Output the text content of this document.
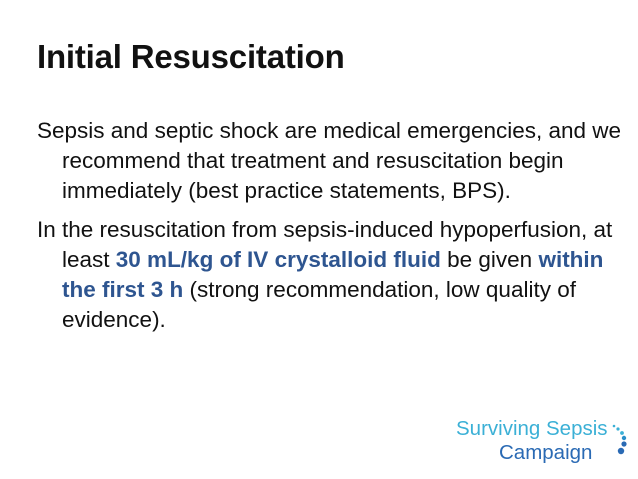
Initial Resuscitation

Sepsis and septic shock are medical emergencies, and we recommend that treatment and resuscitation begin immediately (best practice statements, BPS).

In the resuscitation from sepsis-induced hypoperfusion, at least 30 mL/kg of IV crystalloid fluid be given within the first 3 h (strong recommendation, low quality of evidence).

Surviving Sepsis
Campaign
